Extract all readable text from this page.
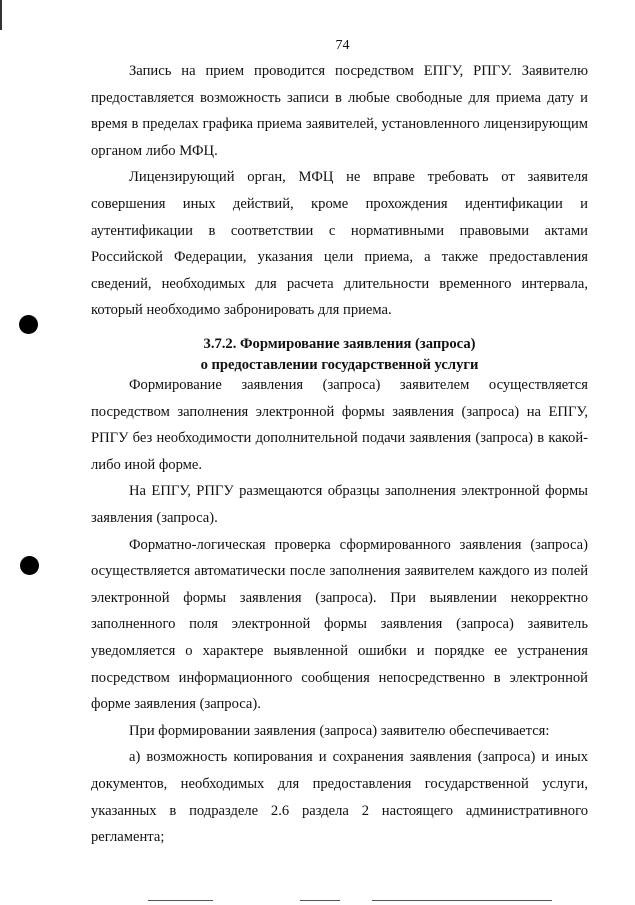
74

Запись на прием проводится посредством ЕПГУ, РПГУ. Заявителю предоставляется возможность записи в любые свободные для приема дату и время в пределах графика приема заявителей, установленного лицензирующим органом либо МФЦ.

Лицензирующий орган, МФЦ не вправе требовать от заявителя совершения иных действий, кроме прохождения идентификации и аутентификации в соответствии с нормативными правовыми актами Российской Федерации, указания цели приема, а также предоставления сведений, необходимых для расчета длительности временного интервала, который необходимо забронировать для приема.

3.7.2. Формирование заявления (запроса)
о предоставлении государственной услуги

Формирование заявления (запроса) заявителем осуществляется посредством заполнения электронной формы заявления (запроса) на ЕПГУ, РПГУ без необходимости дополнительной подачи заявления (запроса) в какой-либо иной форме.

На ЕПГУ, РПГУ размещаются образцы заполнения электронной формы заявления (запроса).

Форматно-логическая проверка сформированного заявления (запроса) осуществляется автоматически после заполнения заявителем каждого из полей электронной формы заявления (запроса). При выявлении некорректно заполненного поля электронной формы заявления (запроса) заявитель уведомляется о характере выявленной ошибки и порядке ее устранения посредством информационного сообщения непосредственно в электронной форме заявления (запроса).

При формировании заявления (запроса) заявителю обеспечивается:

а) возможность копирования и сохранения заявления (запроса) и иных документов, необходимых для предоставления государственной услуги, указанных в подразделе 2.6 раздела 2 настоящего административного регламента;
